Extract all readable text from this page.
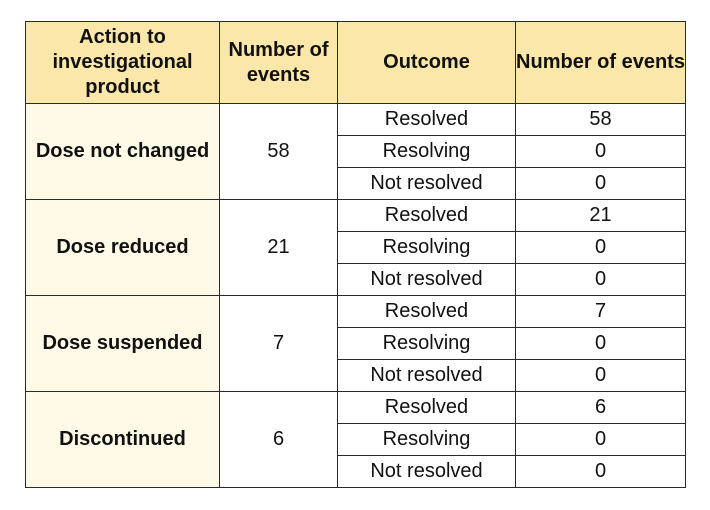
Action to investigational product	Number of events	Outcome	Number of events
Dose not changed	58	Resolved	58
		Resolving	0
		Not resolved	0
Dose reduced	21	Resolved	21
		Resolving	0
		Not resolved	0
Dose suspended	7	Resolved	7
		Resolving	0
		Not resolved	0
Discontinued	6	Resolved	6
		Resolving	0
		Not resolved	0
